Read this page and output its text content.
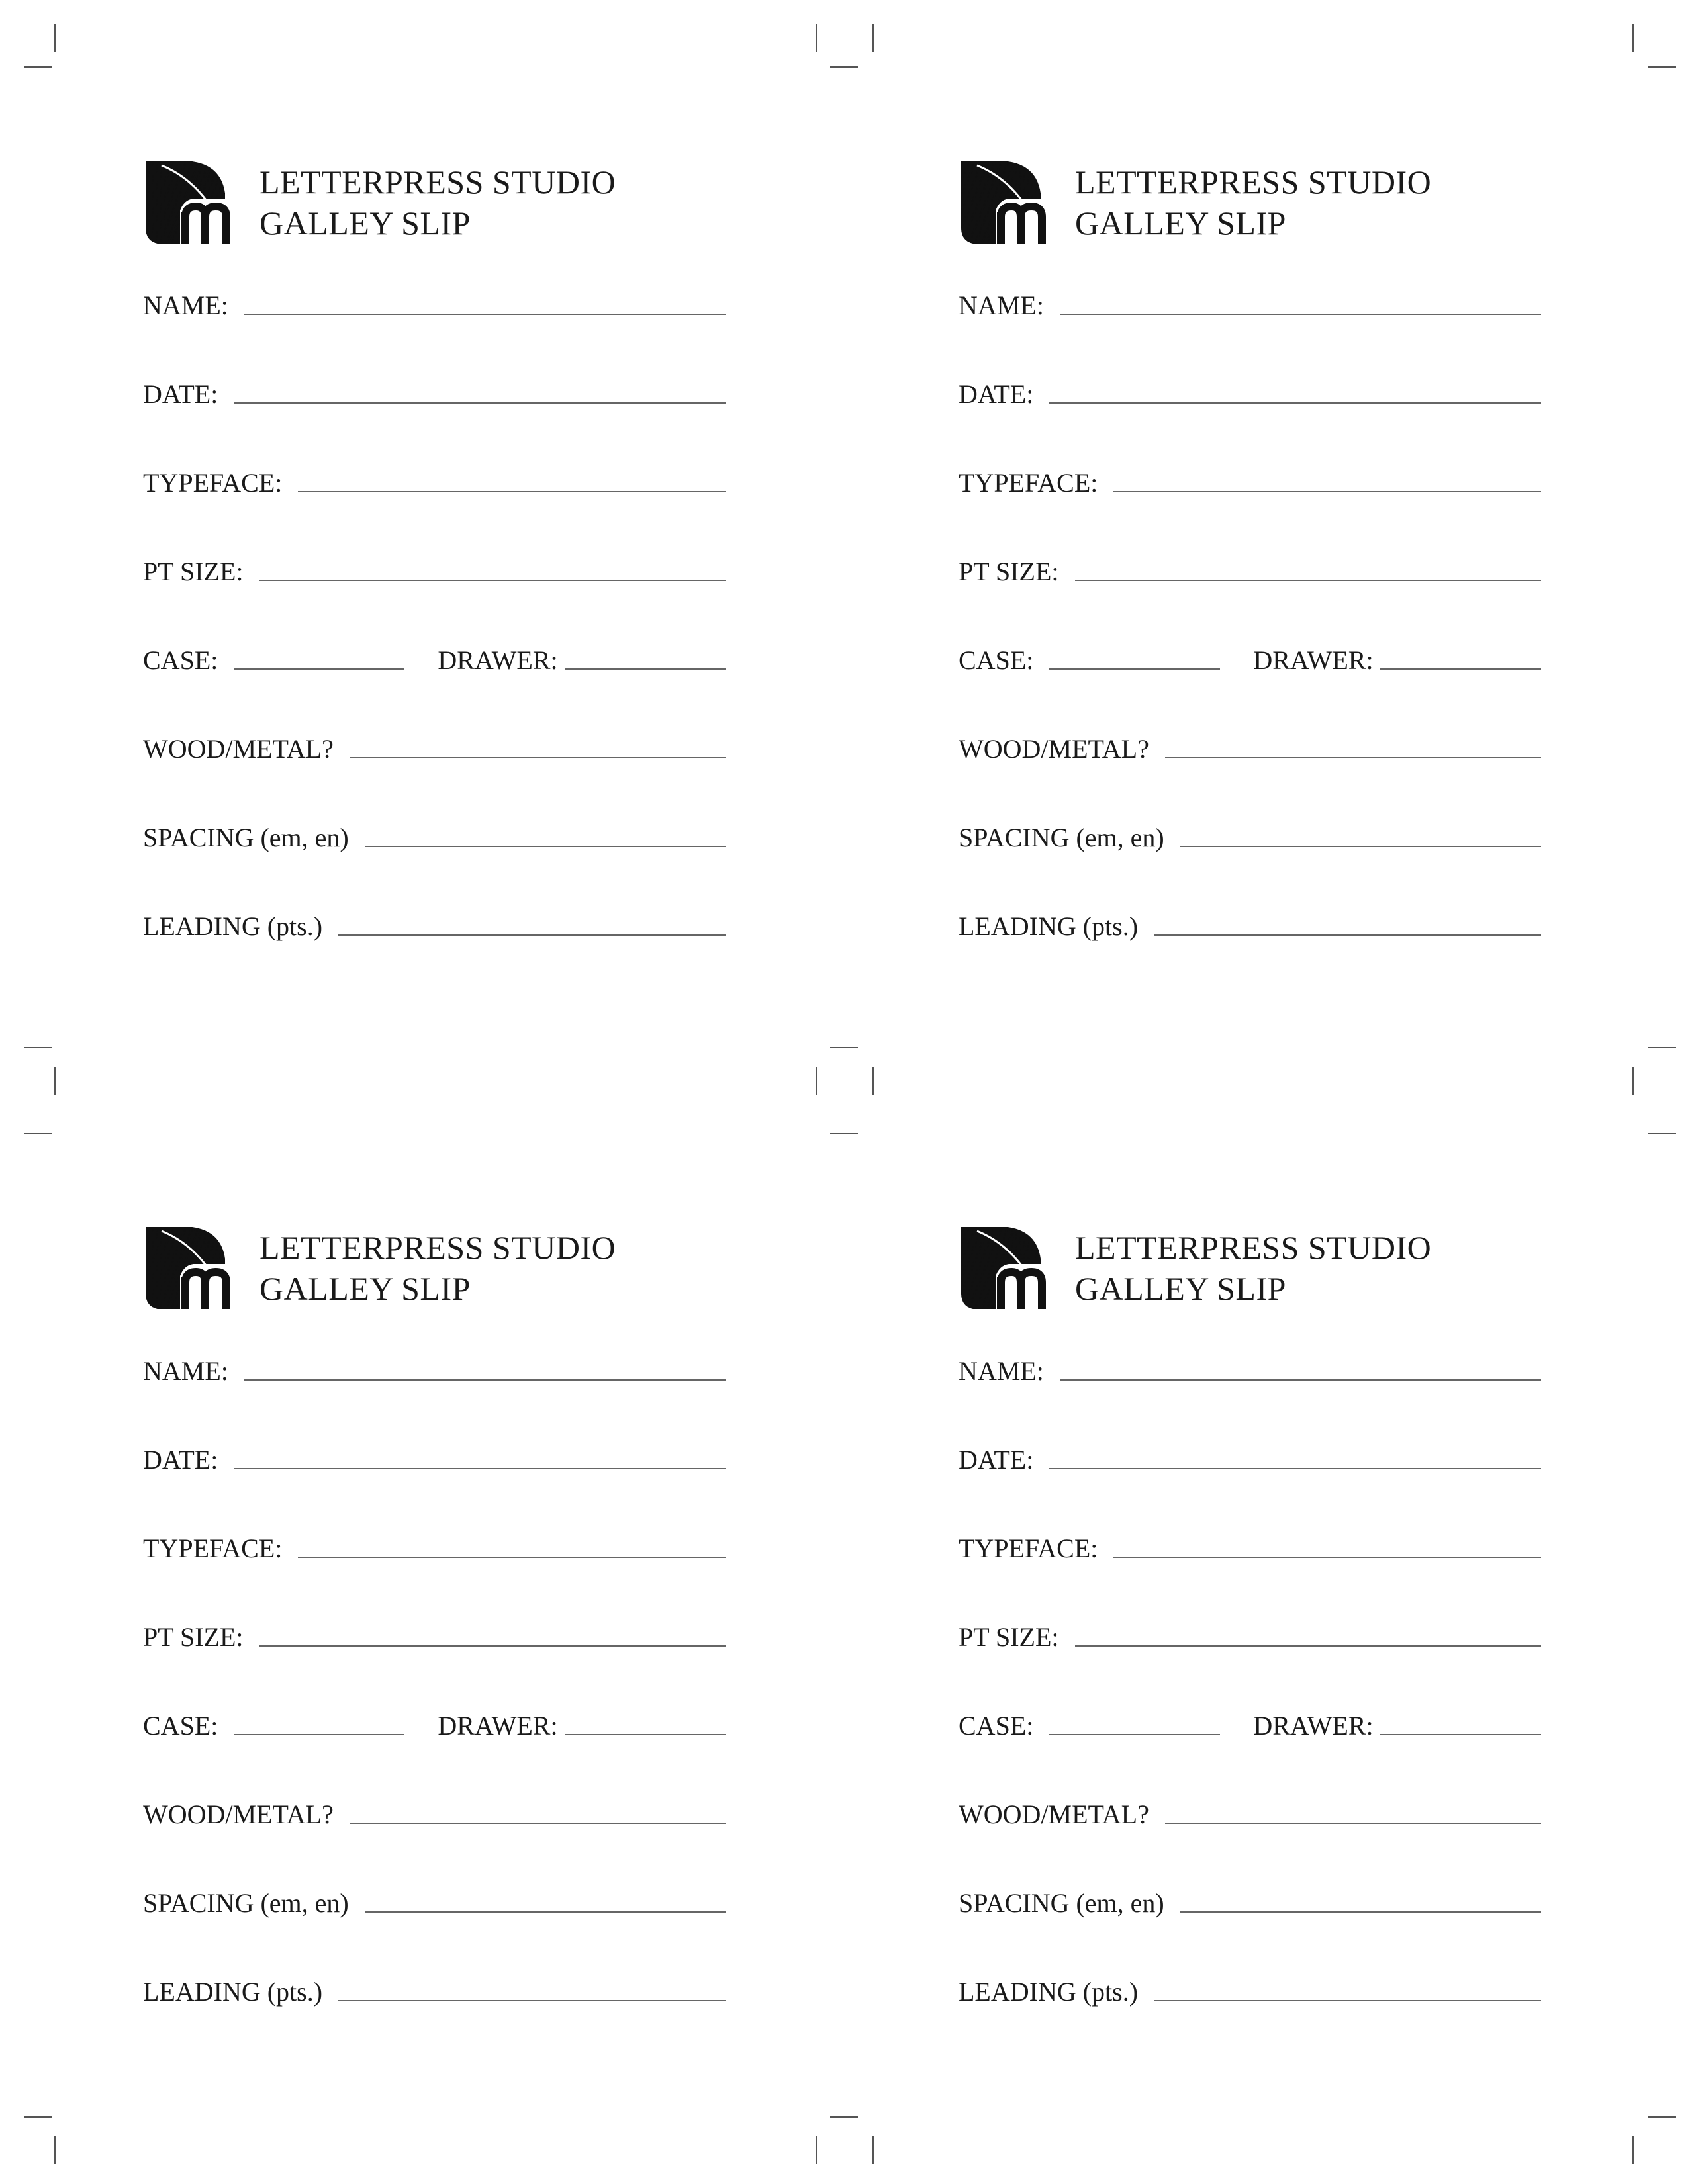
LETTERPRESS STUDIO
GALLEY SLIP
NAME:
DATE:
TYPEFACE:
PT SIZE:
CASE:	DRAWER:
WOOD/METAL?
SPACING (em, en)
LEADING (pts.)
LETTERPRESS STUDIO
GALLEY SLIP
NAME:
DATE:
TYPEFACE:
PT SIZE:
CASE:	DRAWER:
WOOD/METAL?
SPACING (em, en)
LEADING (pts.)
LETTERPRESS STUDIO
GALLEY SLIP
NAME:
DATE:
TYPEFACE:
PT SIZE:
CASE:	DRAWER:
WOOD/METAL?
SPACING (em, en)
LEADING (pts.)
LETTERPRESS STUDIO
GALLEY SLIP
NAME:
DATE:
TYPEFACE:
PT SIZE:
CASE:	DRAWER:
WOOD/METAL?
SPACING (em, en)
LEADING (pts.)
